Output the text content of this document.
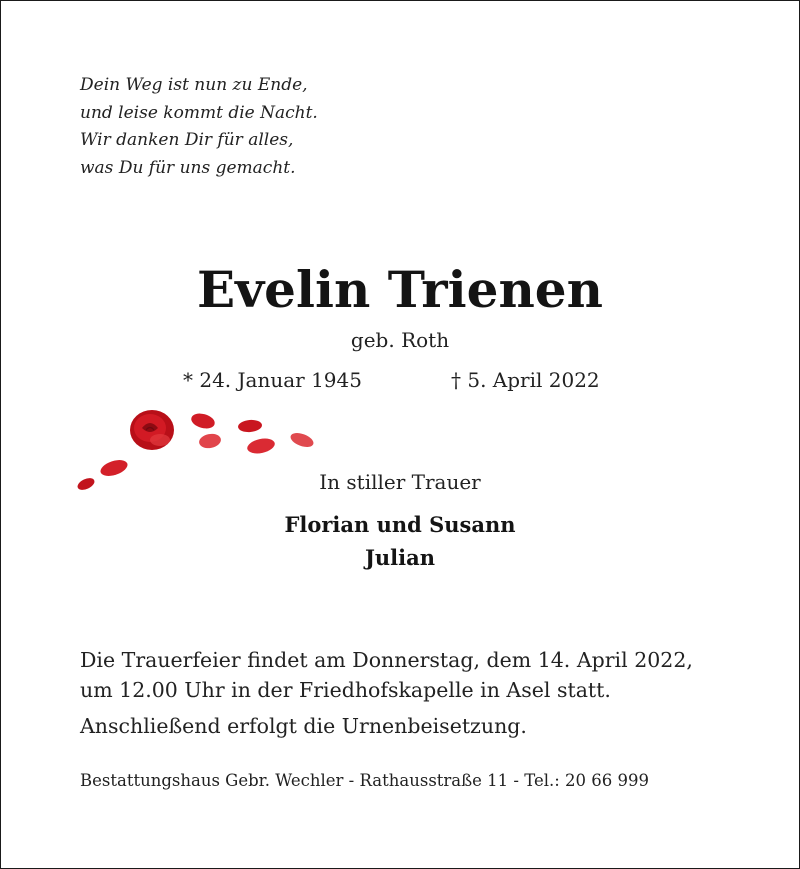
Dein Weg ist nun zu Ende,
und leise kommt die Nacht.
Wir danken Dir für alles,
was Du für uns gemacht.
Evelin Trienen
geb. Roth
* 24. Januar 1945	† 5. April 2022
In stiller Trauer
Florian und Susann
Julian
Die Trauerfeier findet am Donnerstag, dem 14. April 2022,
um 12.00 Uhr in der Friedhofskapelle in Asel statt.
Anschließend erfolgt die Urnenbeisetzung.
Bestattungshaus Gebr. Wechler - Rathausstraße 11 - Tel.: 20 66 999
